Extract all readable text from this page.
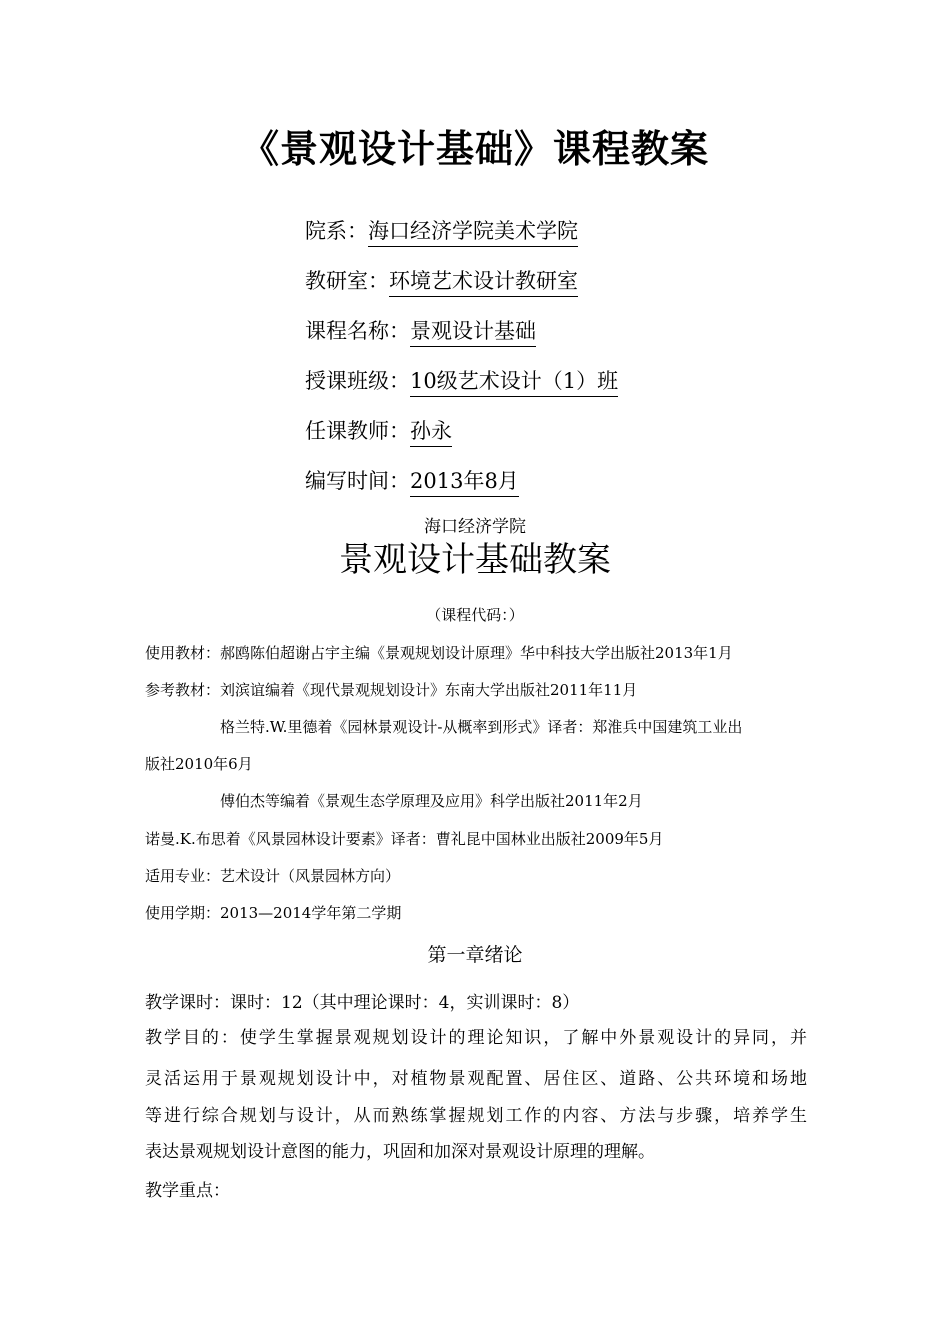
《景观设计基础》课程教案
院系：海口经济学院美术学院
教研室：环境艺术设计教研室
课程名称：景观设计基础
授课班级：10级艺术设计（1）班
任课教师：孙永
编写时间：2013年8月
海口经济学院
景观设计基础教案
（课程代码：）
使用教材：郝鸥陈伯超谢占宇主编《景观规划设计原理》华中科技大学出版社2013年1月
参考教材：刘滨谊编着《现代景观规划设计》东南大学出版社2011年11月
格兰特.W.里德着《园林景观设计-从概率到形式》译者：郑淮兵中国建筑工业出
版社2010年6月
傅伯杰等编着《景观生态学原理及应用》科学出版社2011年2月
诺曼.K.布思着《风景园林设计要素》译者：曹礼昆中国林业出版社2009年5月
适用专业：艺术设计（风景园林方向）
使用学期：2013—2014学年第二学期
第一章绪论
教学课时：课时：12（其中理论课时：4，实训课时：8）
教学目的：使学生掌握景观规划设计的理论知识，了解中外景观设计的异同，并
灵活运用于景观规划设计中，对植物景观配置、居住区、道路、公共环境和场地
等进行综合规划与设计，从而熟练掌握规划工作的内容、方法与步骤，培养学生
表达景观规划设计意图的能力，巩固和加深对景观设计原理的理解。
教学重点：
